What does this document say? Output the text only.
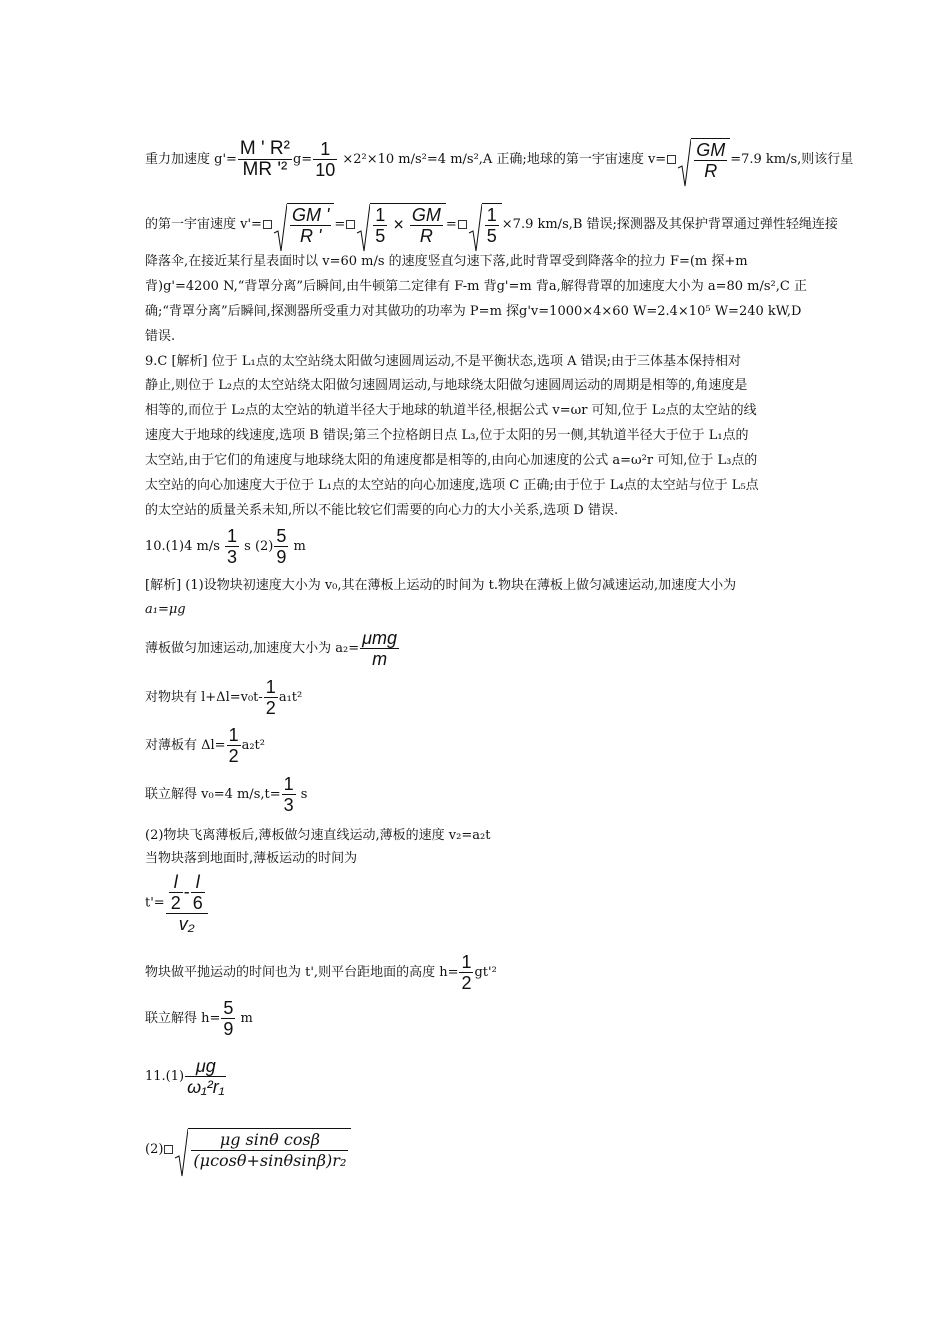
重力加速度 $g'= \frac{\text{M ' R²}}{\text{MR '²}} g= \frac{1}{10} \times 2^2\times 10$ m/s²=4 m/s²,A 正确;地球的第一宇宙速度 $v= \frac{GM}{R} =7.9$ km/s,则该行星
的第一宇宙速度 $v'= \frac{GM '}{R '} = \frac{1}{5} \times \frac{GM}{R} = \frac{1}{5} \times 7.9$ km/s,B 错误;探测器及其保护背罩通过弹性轻绳连接
降落伞,在接近某行星表面时以 v=60 m/s 的速度竖直匀速下落,此时背罩受到降落伞的拉力 F=(m 探+m
背)g'=4200 N,“背罩分离”后瞬间,由牛顿第二定律有 F-m 背g'=m 背a,解得背罩的加速度大小为 a=80 m/s²,C 正
确;“背罩分离”后瞬间,探测器所受重力对其做功的功率为 P=m 探g'v=1000×4×60 W=2.4×10⁵ W=240 kW,D
错误.
9.C [解析] 位于 L₁点的太空站绕太阳做匀速圆周运动,不是平衡状态,选项 A 错误;由于三体基本保持相对
静止,则位于 L₂点的太空站绕太阳做匀速圆周运动,与地球绕太阳做匀速圆周运动的周期是相等的,角速度是
相等的,而位于 L₂点的太空站的轨道半径大于地球的轨道半径,根据公式 v=ωr 可知,位于 L₂点的太空站的线
速度大于地球的线速度,选项 B 错误;第三个拉格朗日点 L₃,位于太阳的另一侧,其轨道半径大于位于 L₁点的
太空站,由于它们的角速度与地球绕太阳的角速度都是相等的,由向心加速度的公式 a=ω²r 可知,位于 L₃点的
太空站的向心加速度大于位于 L₁点的太空站的向心加速度,选项 C 正确;由于位于 L₄点的太空站与位于 L₅点
的太空站的质量关系未知,所以不能比较它们需要的向心力的大小关系,选项 D 错误.
10.(1)4 $m/s \frac{1}{3}$ s $(2) \frac{5}{9}$ m
[解析] (1)设物块初速度大小为 v₀,其在薄板上运动的时间为 t.物块在薄板上做匀减速运动,加速度大小为
a₁=μg
薄板做匀加速运动,加速度大小为 $a_2= \frac{\text{μmg}}{m}$
对物块有 $l+\Delta l=v_0t- \frac{1}{2} a_1t^2$
对薄板有 $\Delta l= \frac{1}{2} a_2t^2$
联立解得 v₀=4 $m/s,t= \frac{1}{3}$ s
(2)物块飞离薄板后,薄板做匀速直线运动,薄板的速度 v₂=a₂t
当物块落到地面时,薄板运动的时间为
$t'= \frac{\frac{l}{2} - \frac{l}{6}}{\text{v₂}}$
物块做平抛运动的时间也为 t',则平台距地面的高度 $h= \frac{1}{2} gt'^2$
联立解得 $h= \frac{5}{9}$ m
$11.(1) \frac{\mu g}{\text{ω₁²r₁}}$
$(2) \frac{\text{μg sinθ cosβ}}{\text{(μcosθ+sinθsinβ)r₂}}$
